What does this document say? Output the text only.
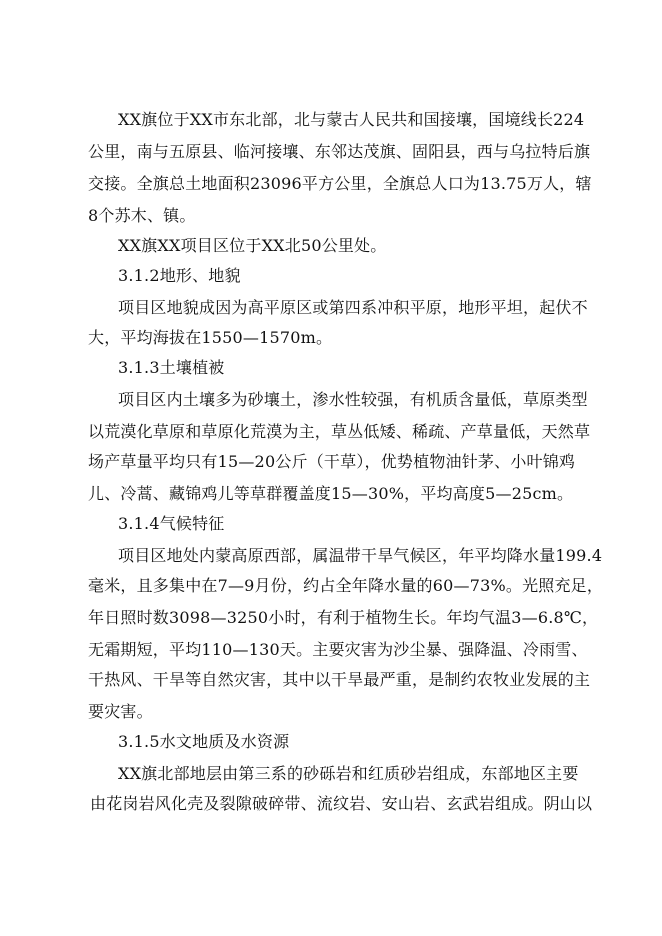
XX旗位于XX市东北部，北与蒙古人民共和国接壤，国境线长224
公里，南与五原县、临河接壤、东邻达茂旗、固阳县，西与乌拉特后旗
交接。全旗总土地面积23096平方公里，全旗总人口为13.75万人，辖
8个苏木、镇。
XX旗XX项目区位于XX北50公里处。
3.1.2地形、地貌
项目区地貌成因为高平原区或第四系冲积平原，地形平坦，起伏不
大，平均海拔在1550—1570m。
3.1.3土壤植被
项目区内土壤多为砂壤土，渗水性较强，有机质含量低，草原类型
以荒漠化草原和草原化荒漠为主，草丛低矮、稀疏、产草量低，天然草
场产草量平均只有15—20公斤（干草），优势植物油针茅、小叶锦鸡
儿、冷蒿、藏锦鸡儿等草群覆盖度15—30%，平均高度5—25cm。
3.1.4气候特征
项目区地处内蒙高原西部，属温带干旱气候区，年平均降水量199.4
毫米，且多集中在7—9月份，约占全年降水量的60—73%。光照充足，
年日照时数3098—3250小时，有利于植物生长。年均气温3—6.8℃，
无霜期短，平均110—130天。主要灾害为沙尘暴、强降温、冷雨雪、
干热风、干旱等自然灾害，其中以干旱最严重，是制约农牧业发展的主
要灾害。
3.1.5水文地质及水资源
XX旗北部地层由第三系的砂砾岩和红质砂岩组成，东部地区主要
由花岗岩风化壳及裂隙破碎带、流纹岩、安山岩、玄武岩组成。阴山以
